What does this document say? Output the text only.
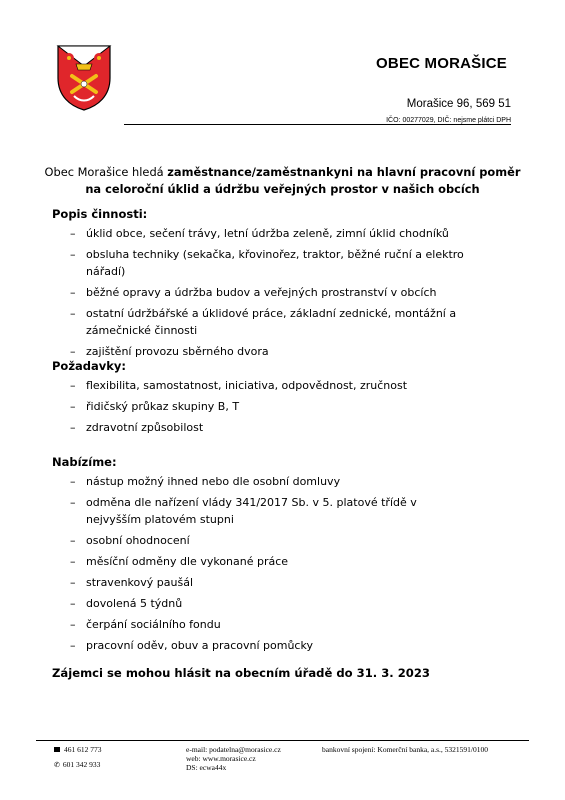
OBEC MORAŠICE
Morašice 96, 569 51
IČO: 00277029, DIČ: nejsme plátci DPH
Obec Morašice hledá zaměstnance/zaměstnankyni na hlavní pracovní poměr
na celoroční úklid a údržbu veřejných prostor v našich obcích
Popis činnosti:
– úklid obce, sečení trávy, letní údržba zeleně, zimní úklid chodníků
– obsluha techniky (sekačka, křovinořez, traktor, běžné ruční a elektro nářadí)
– běžné opravy a údržba budov a veřejných prostranství v obcích
– ostatní údržbářské a úklidové práce, základní zednické, montážní a zámečnické činnosti
– zajištění provozu sběrného dvora
Požadavky:
– flexibilita, samostatnost, iniciativa, odpovědnost, zručnost
– řidičský průkaz skupiny B, T
– zdravotní způsobilost
Nabízíme:
– nástup možný ihned nebo dle osobní domluvy
– odměna dle nařízení vlády 341/2017 Sb. v 5. platové třídě v nejvyšším platovém stupni
– osobní ohodnocení
– měsíční odměny dle vykonané práce
– stravenkový paušál
– dovolená 5 týdnů
– čerpání sociálního fondu
– pracovní oděv, obuv a pracovní pomůcky
Zájemci se mohou hlásit na obecním úřadě do 31. 3. 2023
461 612 773
✆ 601 342 933
e-mail: podatelna@morasice.cz
web: www.morasice.cz
DS: ecwa44x
bankovní spojení: Komerční banka, a.s., 5321591/0100
